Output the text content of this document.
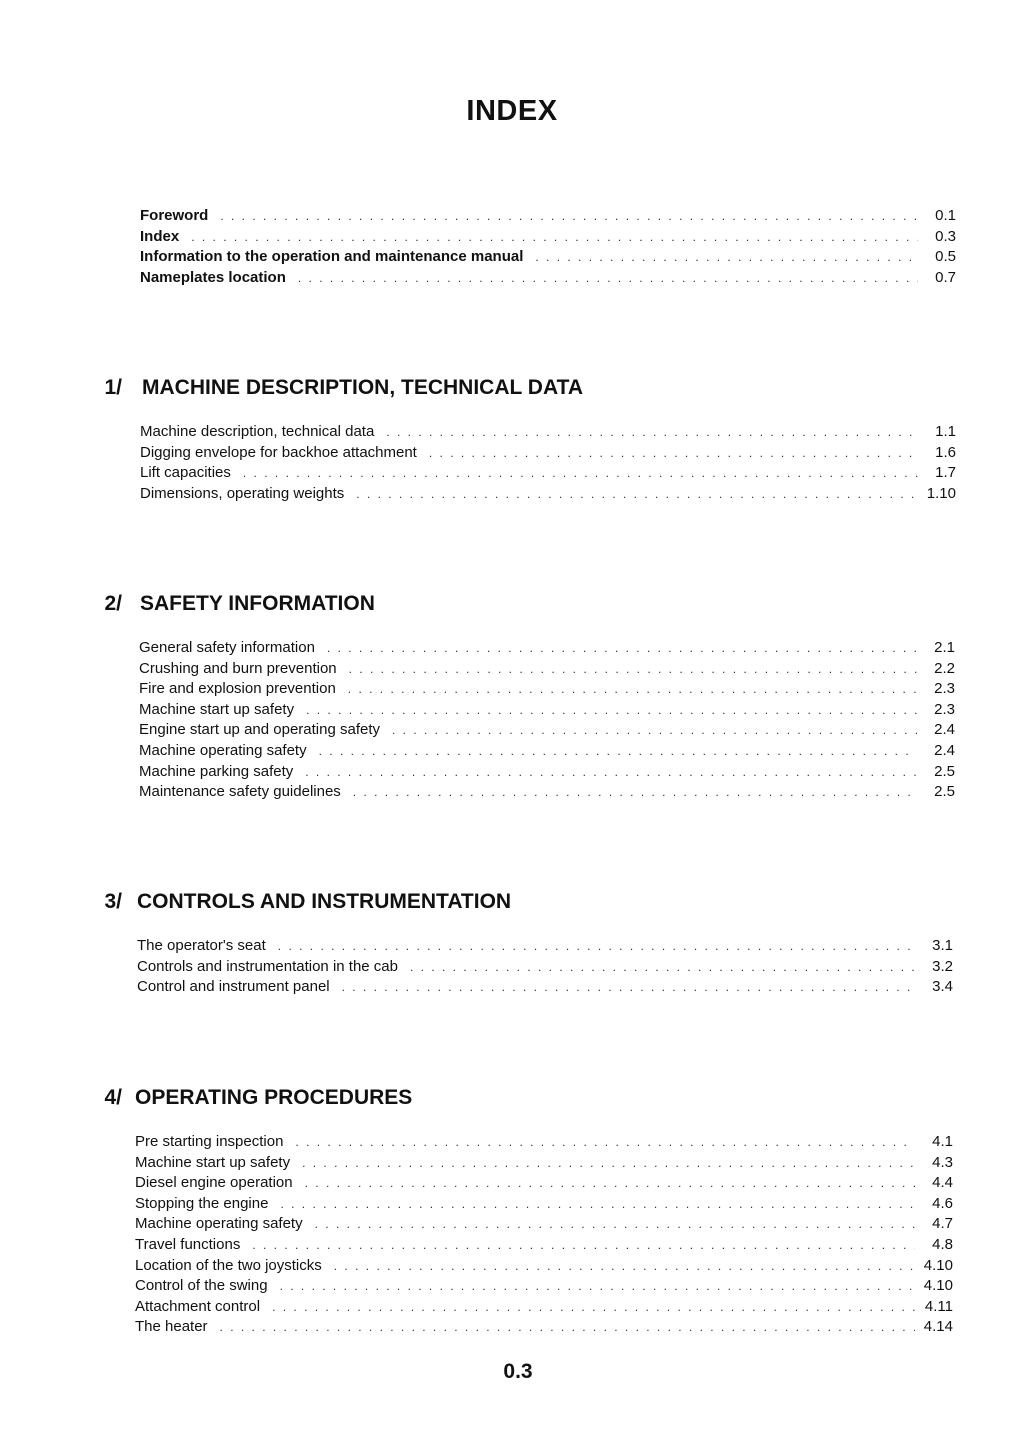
INDEX
Foreword . . .	0.1
Index . . .	0.3
Information to the operation and maintenance manual . . .	0.5
Nameplates location . . .	0.7
1/ MACHINE DESCRIPTION, TECHNICAL DATA
Machine description, technical data . . .	1.1
Digging envelope for backhoe attachment . . .	1.6
Lift capacities . . .	1.7
Dimensions, operating weights . . .	1.10
2/ SAFETY INFORMATION
General safety information . . .	2.1
Crushing and burn prevention . . .	2.2
Fire and explosion prevention . . .	2.3
Machine start up safety . . .	2.3
Engine start up and operating safety . . .	2.4
Machine operating safety . . .	2.4
Machine parking safety . . .	2.5
Maintenance safety guidelines . . .	2.5
3/ CONTROLS AND INSTRUMENTATION
The operator's seat . . .	3.1
Controls and instrumentation in the cab . . .	3.2
Control and instrument panel . . .	3.4
4/ OPERATING PROCEDURES
Pre starting inspection . . .	4.1
Machine start up safety . . .	4.3
Diesel engine operation . . .	4.4
Stopping the engine . . .	4.6
Machine operating safety . . .	4.7
Travel functions . . .	4.8
Location of the two joysticks . . .	4.10
Control of the swing . . .	4.10
Attachment control . . .	4.11
The heater . . .	4.14
0.3
